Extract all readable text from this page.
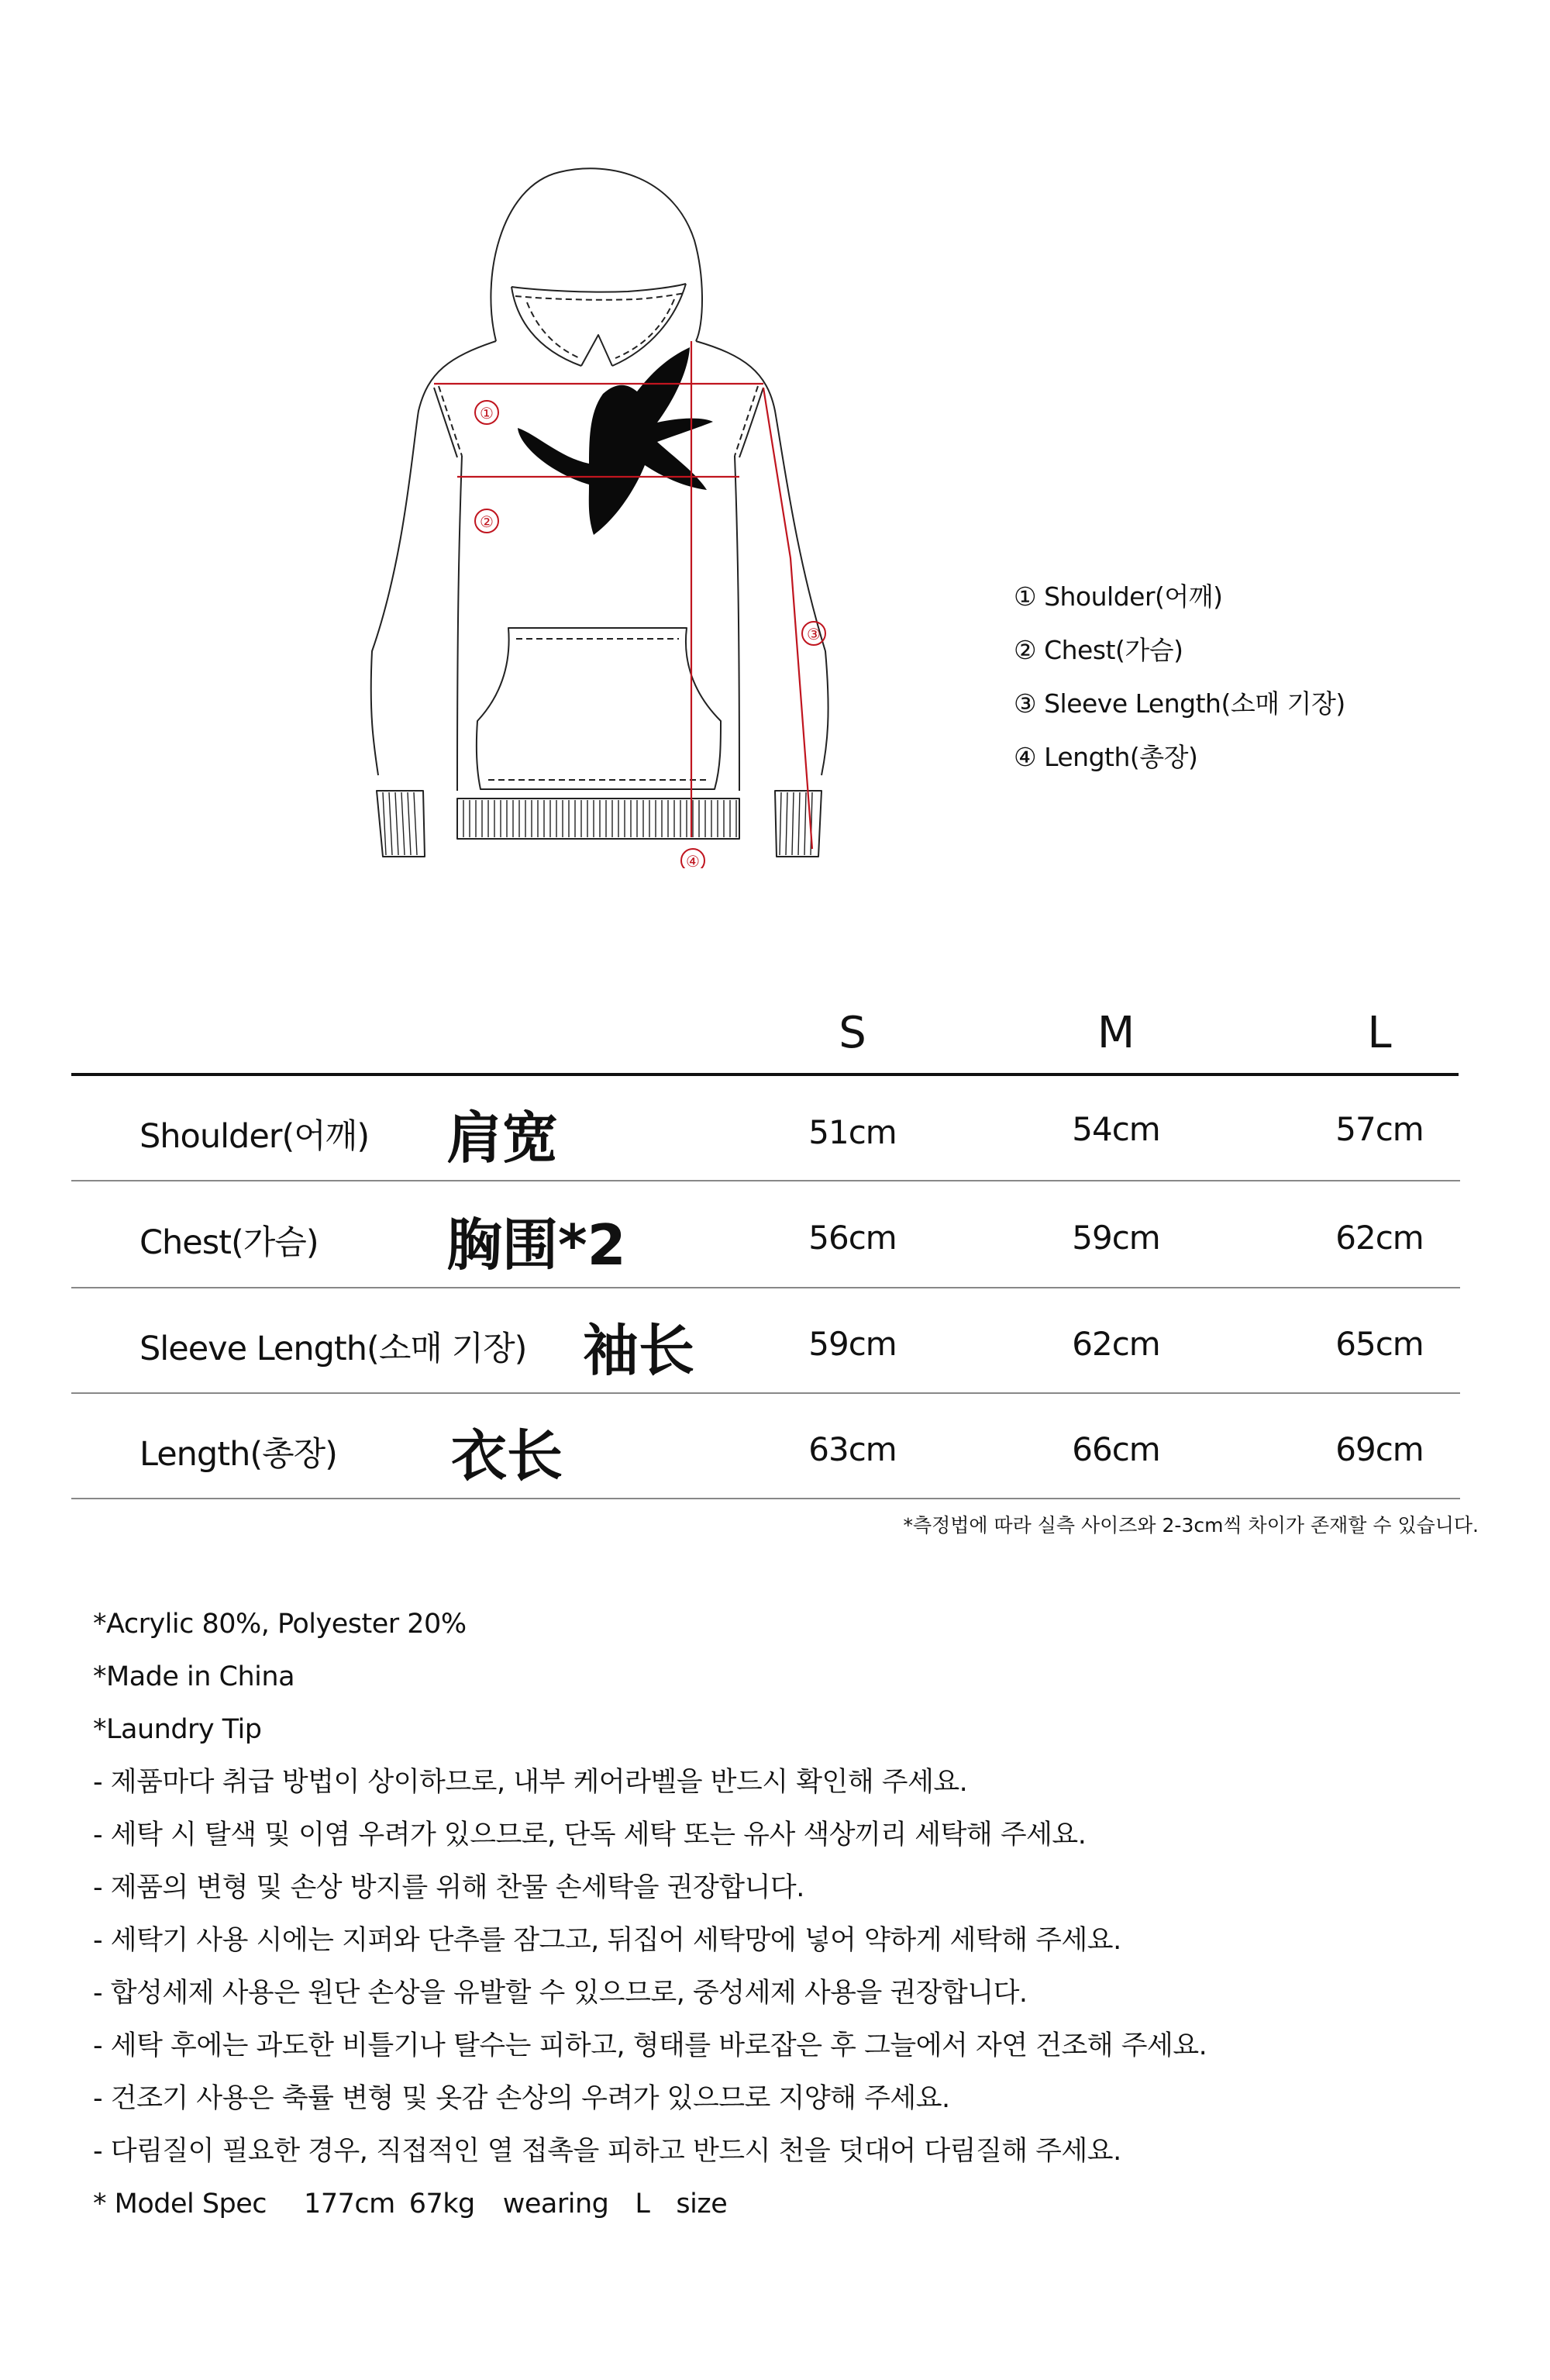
①
②
③
④
① Shoulder(어깨)
② Chest(가슴)
③ Sleeve Length(소매 기장)
④ Length(총장)
S	M	L
Shoulder(어깨) 肩宽	51cm	54cm	57cm
Chest(가슴) 胸围*2	56cm	59cm	62cm
Sleeve Length(소매 기장) 袖长	59cm	62cm	65cm
Length(총장) 衣长	63cm	66cm	69cm
*측정법에 따라 실측 사이즈와 2-3cm씩 차이가 존재할 수 있습니다.
*Acrylic 80%, Polyester 20%
*Made in China
*Laundry Tip
- 제품마다 취급 방법이 상이하므로, 내부 케어라벨을 반드시 확인해 주세요.
- 세탁 시 탈색 및 이염 우려가 있으므로, 단독 세탁 또는 유사 색상끼리 세탁해 주세요.
- 제품의 변형 및 손상 방지를 위해 찬물 손세탁을 권장합니다.
- 세탁기 사용 시에는 지퍼와 단추를 잠그고, 뒤집어 세탁망에 넣어 약하게 세탁해 주세요.
- 합성세제 사용은 원단 손상을 유발할 수 있으므로, 중성세제 사용을 권장합니다.
- 세탁 후에는 과도한 비틀기나 탈수는 피하고, 형태를 바로잡은 후 그늘에서 자연 건조해 주세요.
- 건조기 사용은 축률 변형 및 옷감 손상의 우려가 있으므로 지양해 주세요.
- 다림질이 필요한 경우, 직접적인 열 접촉을 피하고 반드시 천을 덧대어 다림질해 주세요.
* Model Spec 177cm 67kg wearing L size
